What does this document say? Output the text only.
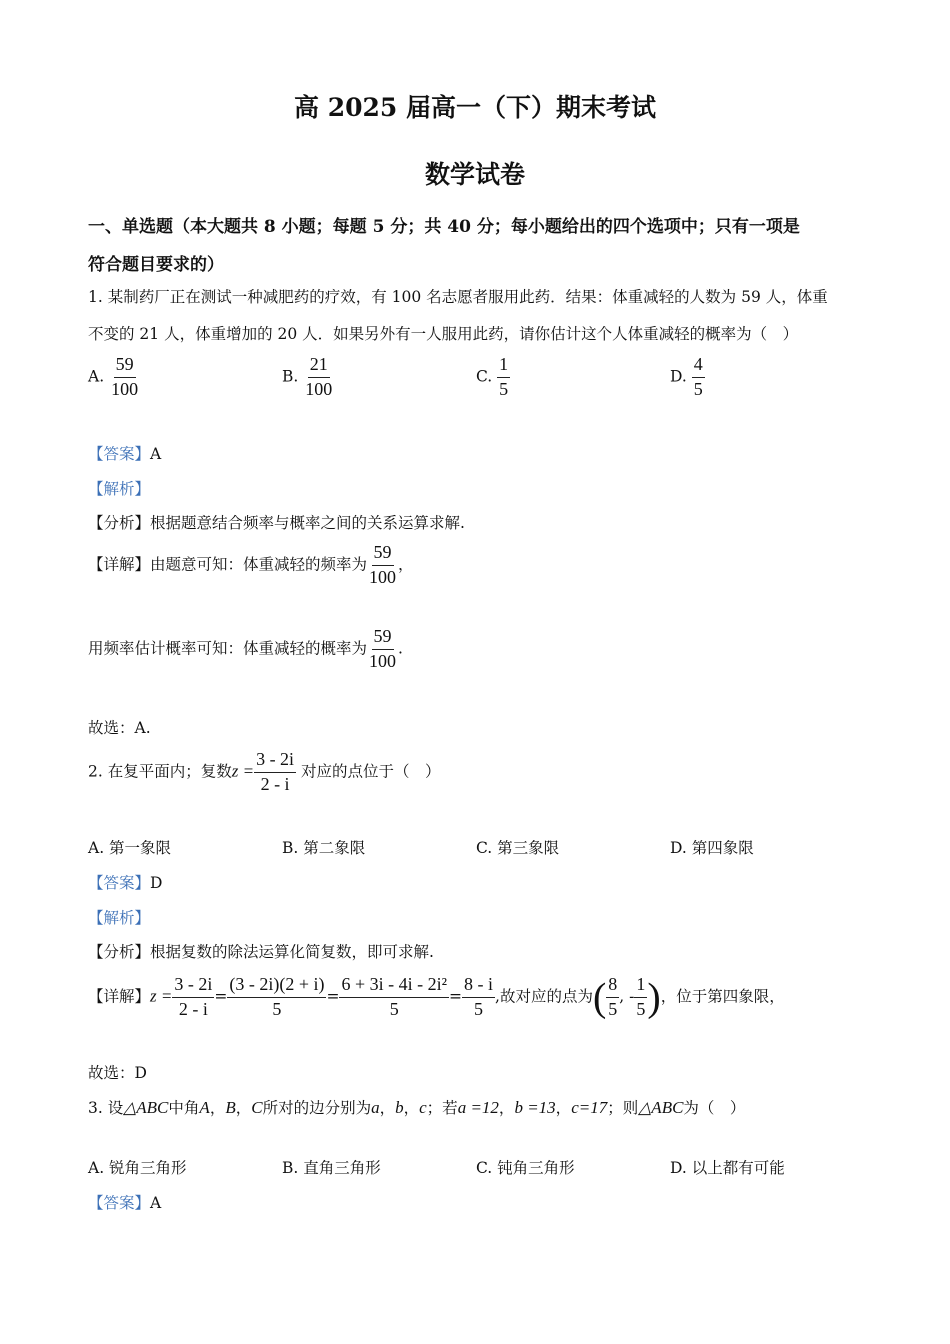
高 2025 届高一（下）期末考试
数学试卷
一、单选题（本大题共 8 小题；每题 5 分；共 40 分；每小题给出的四个选项中；只有一项是
符合题目要求的）
1. 某制药厂正在测试一种减肥药的疗效，有 100 名志愿者服用此药．结果：体重减轻的人数为 59 人，体重
不变的 21 人，体重增加的 20 人．如果另外有一人服用此药，请你估计这个人体重减轻的概率为（　）
A. $\frac{59}{100}$	B. $\frac{21}{100}$	C. $\frac{1}{5}$	D. $\frac{4}{5}$
【答案】A
【解析】
【分析】根据题意结合频率与概率之间的关系运算求解.
【详解】由题意可知：体重减轻的频率为 $\frac{59}{100}$ ，
用频率估计概率可知：体重减轻的概率为 $\frac{59}{100}$ .
故选：A.
2. 在复平面内；复数$z = \frac{3 - 2i}{2 - i}$ 对应的点位于（　）
A. 第一象限	B. 第二象限	C. 第三象限	D. 第四象限
【答案】D
【解析】
【分析】根据复数的除法运算化简复数，即可求解.
【详解】$z = \frac{3 - 2i}{2 - i} = \frac{(3 - 2i)(2 + i)}{5} = \frac{\text{6 + 3i - 4i - 2i²}}{5} = \frac{8 - i}{5}$ ,故对应的点为( $\frac{8}{5}$ , - $\frac{1}{5}$ )，位于第四象限，
故选：D
3. 设△ABC中角A，B，C所对的边分别为a，b，c；若a =12，b =13，c=17；则△ABC为（　）
A. 锐角三角形	B. 直角三角形	C. 钝角三角形	D. 以上都有可能
【答案】A
